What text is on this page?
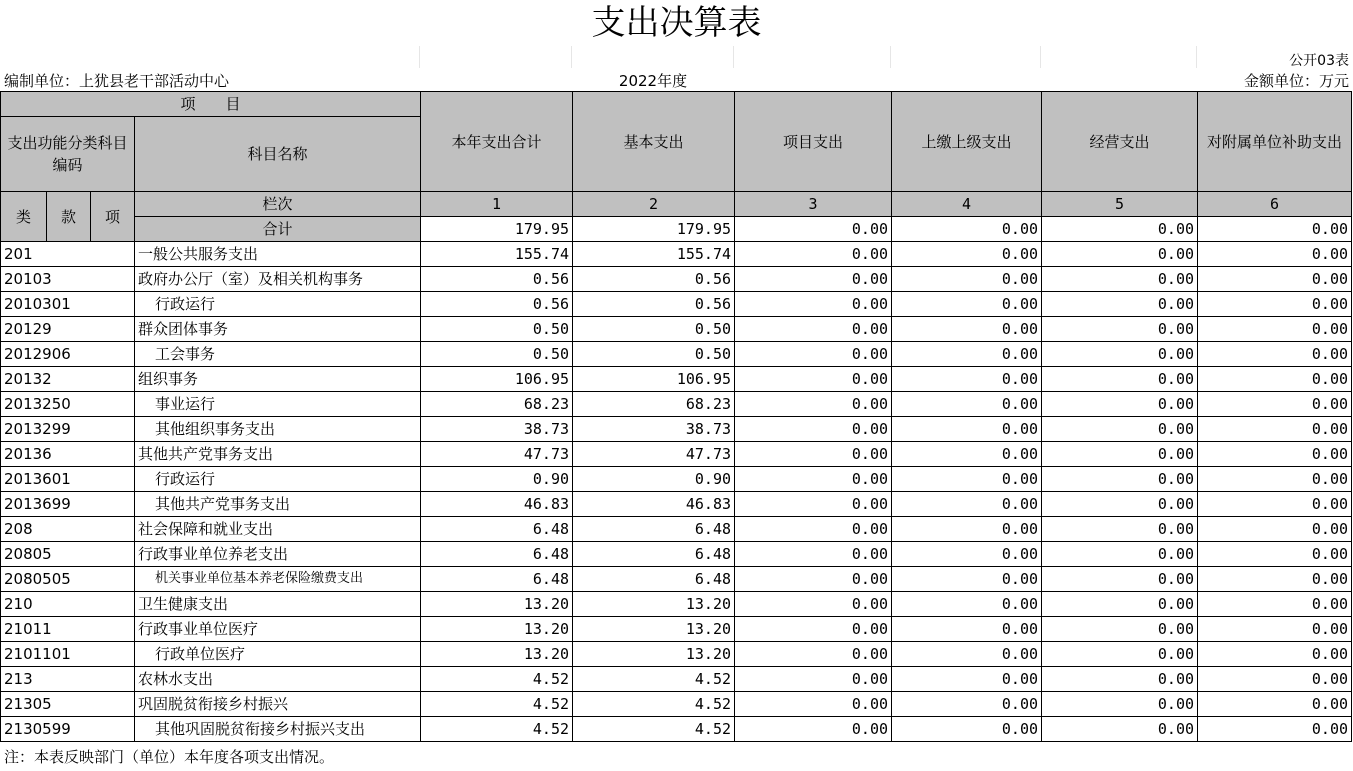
支出决算表
公开03表
编制单位：上犹县老干部活动中心	2022年度	金额单位：万元
项　　目				本年支出合计	基本支出	项目支出	上缴上级支出	经营支出	对附属单位补助支出
支出功能分类科目编码			科目名称						
类	款	项	栏次	1	2	3	4	5	6
			合计	179.95	179.95	0.00	0.00	0.00	0.00
201			一般公共服务支出	155.74	155.74	0.00	0.00	0.00	0.00
20103			政府办公厅（室）及相关机构事务	0.56	0.56	0.00	0.00	0.00	0.00
2010301			行政运行	0.56	0.56	0.00	0.00	0.00	0.00
20129			群众团体事务	0.50	0.50	0.00	0.00	0.00	0.00
2012906			工会事务	0.50	0.50	0.00	0.00	0.00	0.00
20132			组织事务	106.95	106.95	0.00	0.00	0.00	0.00
2013250			事业运行	68.23	68.23	0.00	0.00	0.00	0.00
2013299			其他组织事务支出	38.73	38.73	0.00	0.00	0.00	0.00
20136			其他共产党事务支出	47.73	47.73	0.00	0.00	0.00	0.00
2013601			行政运行	0.90	0.90	0.00	0.00	0.00	0.00
2013699			其他共产党事务支出	46.83	46.83	0.00	0.00	0.00	0.00
208			社会保障和就业支出	6.48	6.48	0.00	0.00	0.00	0.00
20805			行政事业单位养老支出	6.48	6.48	0.00	0.00	0.00	0.00
2080505			机关事业单位基本养老保险缴费支出	6.48	6.48	0.00	0.00	0.00	0.00
210			卫生健康支出	13.20	13.20	0.00	0.00	0.00	0.00
21011			行政事业单位医疗	13.20	13.20	0.00	0.00	0.00	0.00
2101101			行政单位医疗	13.20	13.20	0.00	0.00	0.00	0.00
213			农林水支出	4.52	4.52	0.00	0.00	0.00	0.00
21305			巩固脱贫衔接乡村振兴	4.52	4.52	0.00	0.00	0.00	0.00
2130599			其他巩固脱贫衔接乡村振兴支出	4.52	4.52	0.00	0.00	0.00	0.00
注：本表反映部门（单位）本年度各项支出情况。
